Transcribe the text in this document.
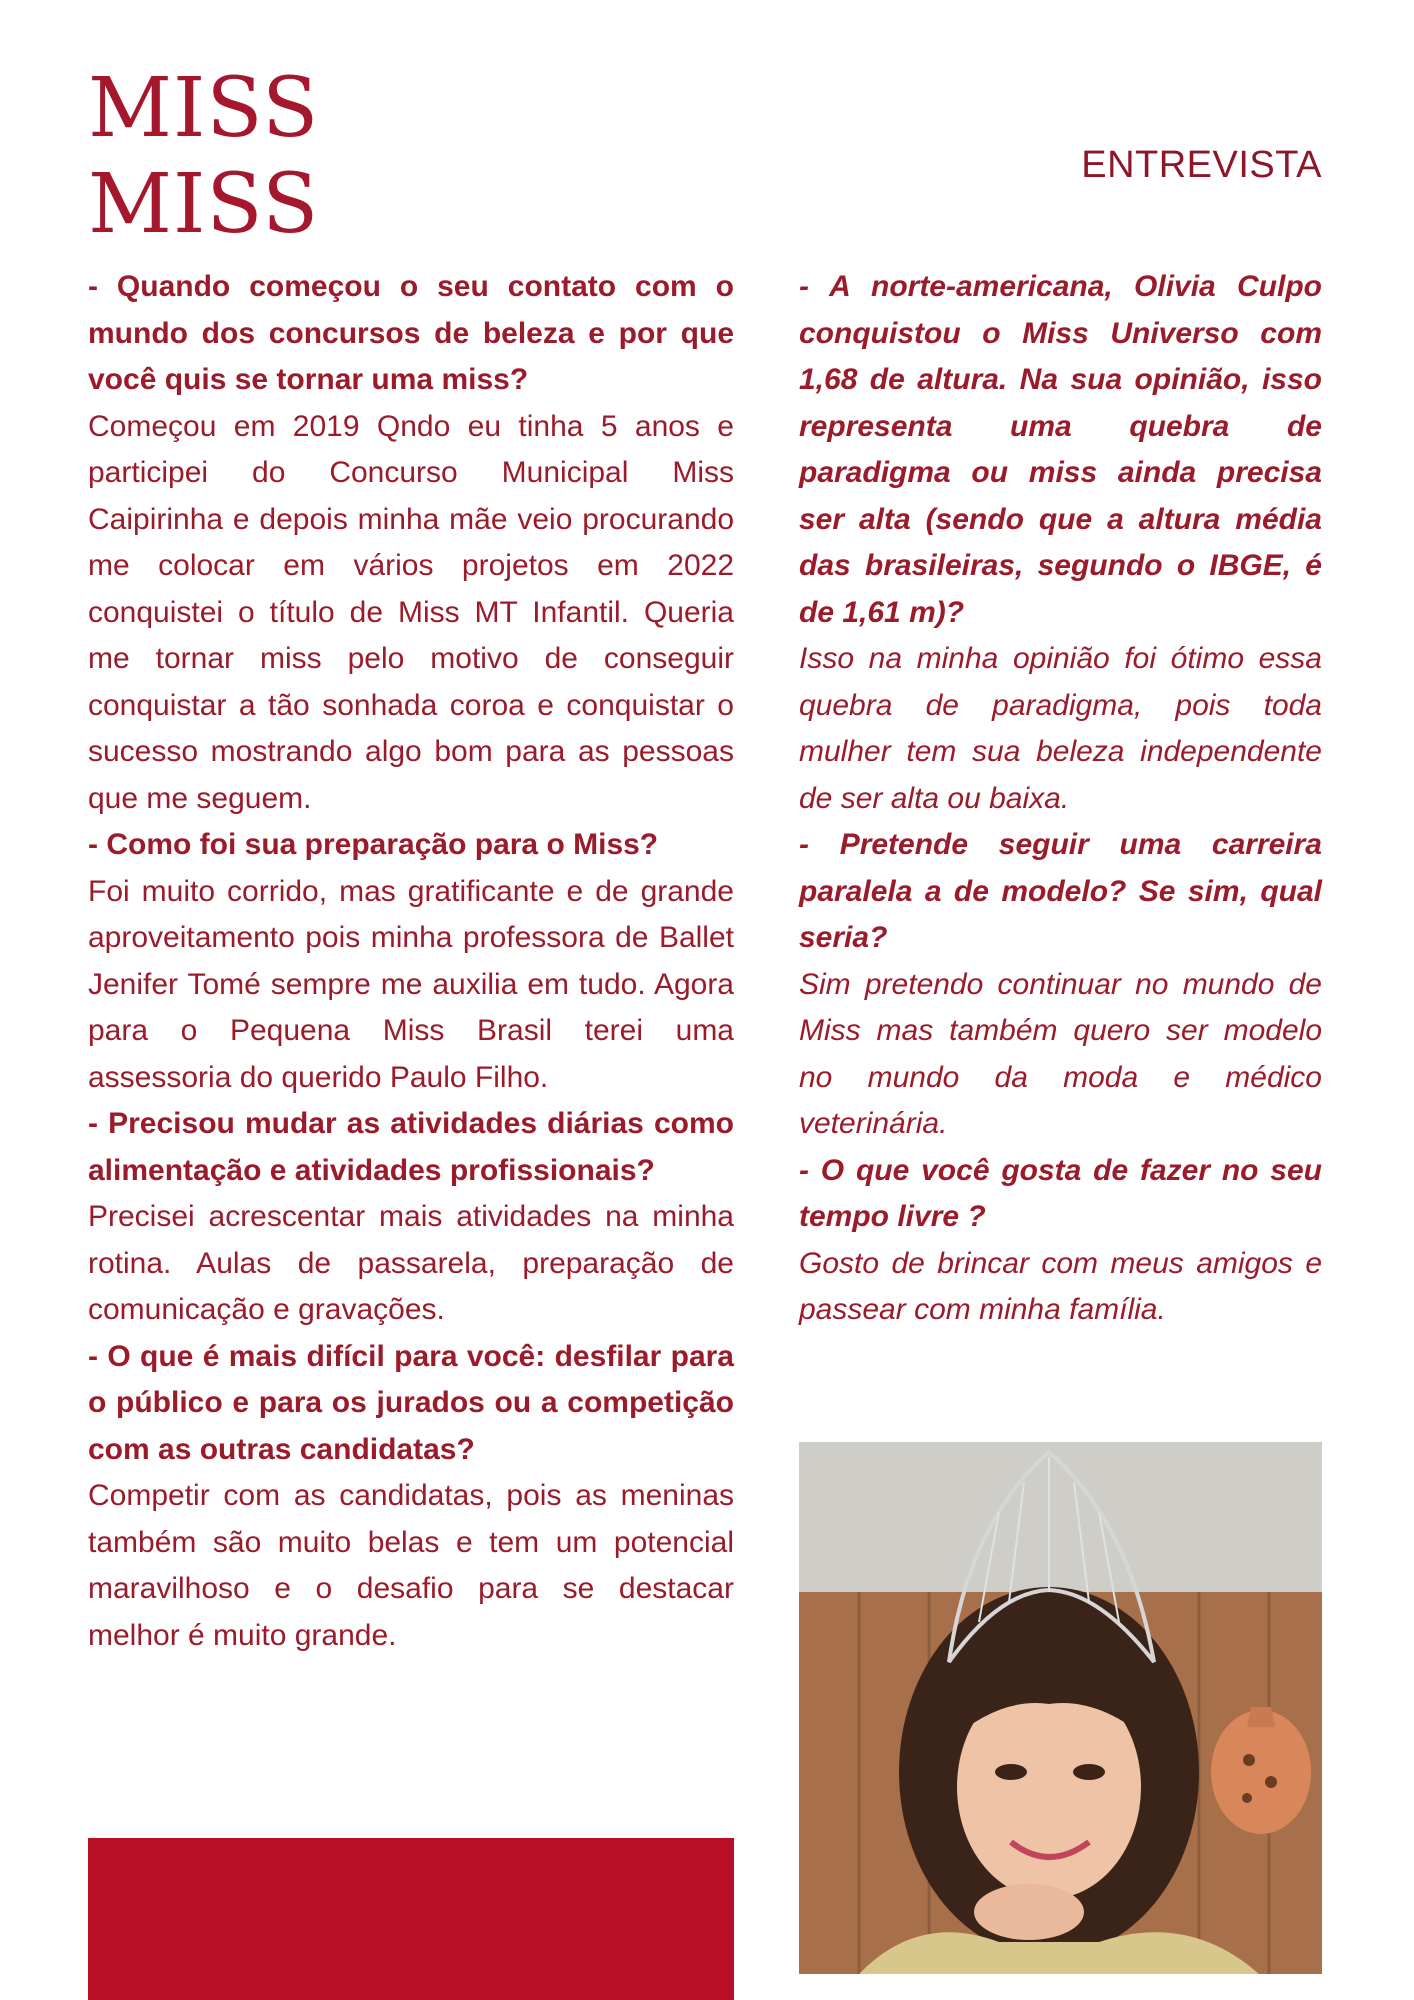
MISS
MISS	ENTREVISTA

- Quando começou o seu contato com o mundo dos concursos de beleza e por que você quis se tornar uma miss?

Começou em 2019 Qndo eu tinha 5 anos e participei do Concurso Municipal Miss Caipirinha e depois minha mãe veio procurando me colocar em vários projetos em 2022 conquistei o título de Miss MT Infantil. Queria me tornar miss pelo motivo de conseguir conquistar a tão sonhada coroa e conquistar o sucesso mostrando algo bom para as pessoas que me seguem.

- Como foi sua preparação para o Miss?

Foi muito corrido, mas gratificante e de grande aproveitamento pois minha professora de Ballet Jenifer Tomé sempre me auxilia em tudo. Agora para o Pequena Miss Brasil terei uma assessoria do querido Paulo Filho.

- Precisou mudar as atividades diárias como alimentação e atividades profissionais?

Precisei acrescentar mais atividades na minha rotina. Aulas de passarela, preparação de comunicação e gravações.

- O que é mais difícil para você: desfilar para o público e para os jurados ou a competição com as outras candidatas?

Competir com as candidatas, pois as meninas também são muito belas e tem um potencial maravilhoso e o desafio para se destacar melhor é muito grande.

- A norte-americana, Olivia Culpo conquistou o Miss Universo com 1,68 de altura. Na sua opinião, isso representa uma quebra de paradigma ou miss ainda precisa ser alta (sendo que a altura média das brasileiras, segundo o IBGE, é de 1,61 m)?

Isso na minha opinião foi ótimo essa quebra de paradigma, pois toda mulher tem sua beleza independente de ser alta ou baixa.

- Pretende seguir uma carreira paralela a de modelo? Se sim, qual seria?

Sim pretendo continuar no mundo de Miss mas também quero ser modelo no mundo da moda e médico veterinária.

- O que você gosta de fazer no seu tempo livre ?

Gosto de brincar com meus amigos e passear com minha família.
